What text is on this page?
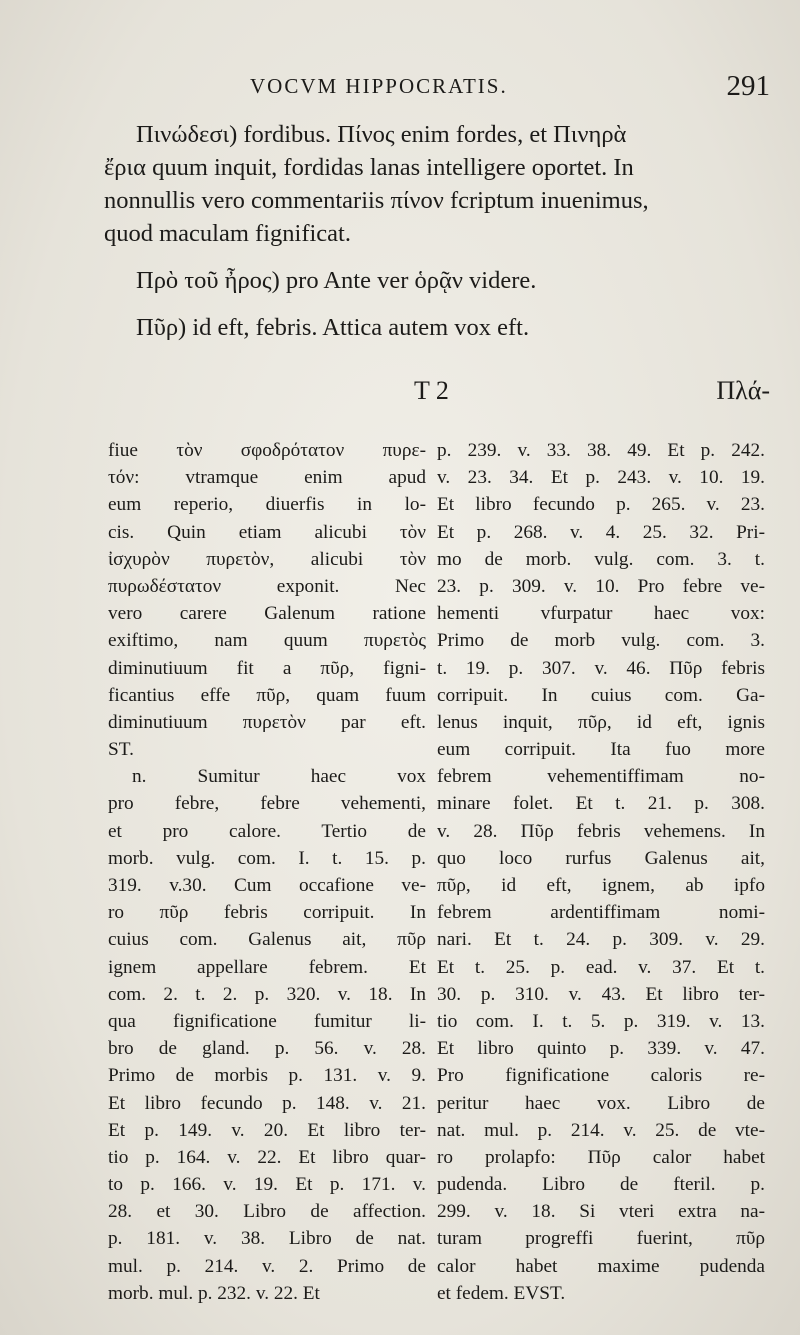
VOCVM HIPPOCRATIS.	291
Πινώδεσι) fordibus. Πίνος enim fordes, et Πινηρὰ
ἔρια quum inquit, fordidas lanas intelligere oportet. In
nonnullis vero commentariis πίνον fcriptum inuenimus,
quod maculam fignificat.
Πρὸ τοῦ ἦρος) pro Ante ver ὁρᾷν videre.
Πῦρ) id eft, febris. Attica autem vox eft.
T 2	Πλά-
fiue τὸν σφοδρότατον πυρε-
τόν: vtramque enim apud
eum reperio, diuerfis in lo-
cis. Quin etiam alicubi τὸν
ἰσχυρὸν πυρετὸν, alicubi τὸν
πυρωδέστατον exponit. Nec
vero carere Galenum ratione
exiftimo, nam quum πυρετὸς
diminutiuum fit a πῦρ, figni-
ficantius effe πῦρ, quam fuum
diminutiuum πυρετὸν par eft.
ST.
n. Sumitur haec vox
pro febre, febre vehementi,
et pro calore. Tertio de
morb. vulg. com. I. t. 15. p.
319. v.30. Cum occafione ve-
ro πῦρ febris corripuit. In
cuius com. Galenus ait, πῦρ
ignem appellare febrem. Et
com. 2. t. 2. p. 320. v. 18. In
qua fignificatione fumitur li-
bro de gland. p. 56. v. 28.
Primo de morbis p. 131. v. 9.
Et libro fecundo p. 148. v. 21.
Et p. 149. v. 20. Et libro ter-
tio p. 164. v. 22. Et libro quar-
to p. 166. v. 19. Et p. 171. v.
28. et 30. Libro de affection.
p. 181. v. 38. Libro de nat.
mul. p. 214. v. 2. Primo de
morb. mul. p. 232. v. 22. Et
p. 239. v. 33. 38. 49. Et p. 242.
v. 23. 34. Et p. 243. v. 10. 19.
Et libro fecundo p. 265. v. 23.
Et p. 268. v. 4. 25. 32. Pri-
mo de morb. vulg. com. 3. t.
23. p. 309. v. 10. Pro febre ve-
hementi vfurpatur haec vox:
Primo de morb vulg. com. 3.
t. 19. p. 307. v. 46. Πῦρ febris
corripuit. In cuius com. Ga-
lenus inquit, πῦρ, id eft, ignis
eum corripuit. Ita fuo more
febrem vehementiffimam no-
minare folet. Et t. 21. p. 308.
v. 28. Πῦρ febris vehemens. In
quo loco rurfus Galenus ait,
πῦρ, id eft, ignem, ab ipfo
febrem ardentiffimam nomi-
nari. Et t. 24. p. 309. v. 29.
Et t. 25. p. ead. v. 37. Et t.
30. p. 310. v. 43. Et libro ter-
tio com. I. t. 5. p. 319. v. 13.
Et libro quinto p. 339. v. 47.
Pro fignificatione caloris re-
peritur haec vox. Libro de
nat. mul. p. 214. v. 25. de vte-
ro prolapfo: Πῦρ calor habet
pudenda. Libro de fteril. p.
299. v. 18. Si vteri extra na-
turam progreffi fuerint, πῦρ
calor habet maxime pudenda
et fedem. EVST.
